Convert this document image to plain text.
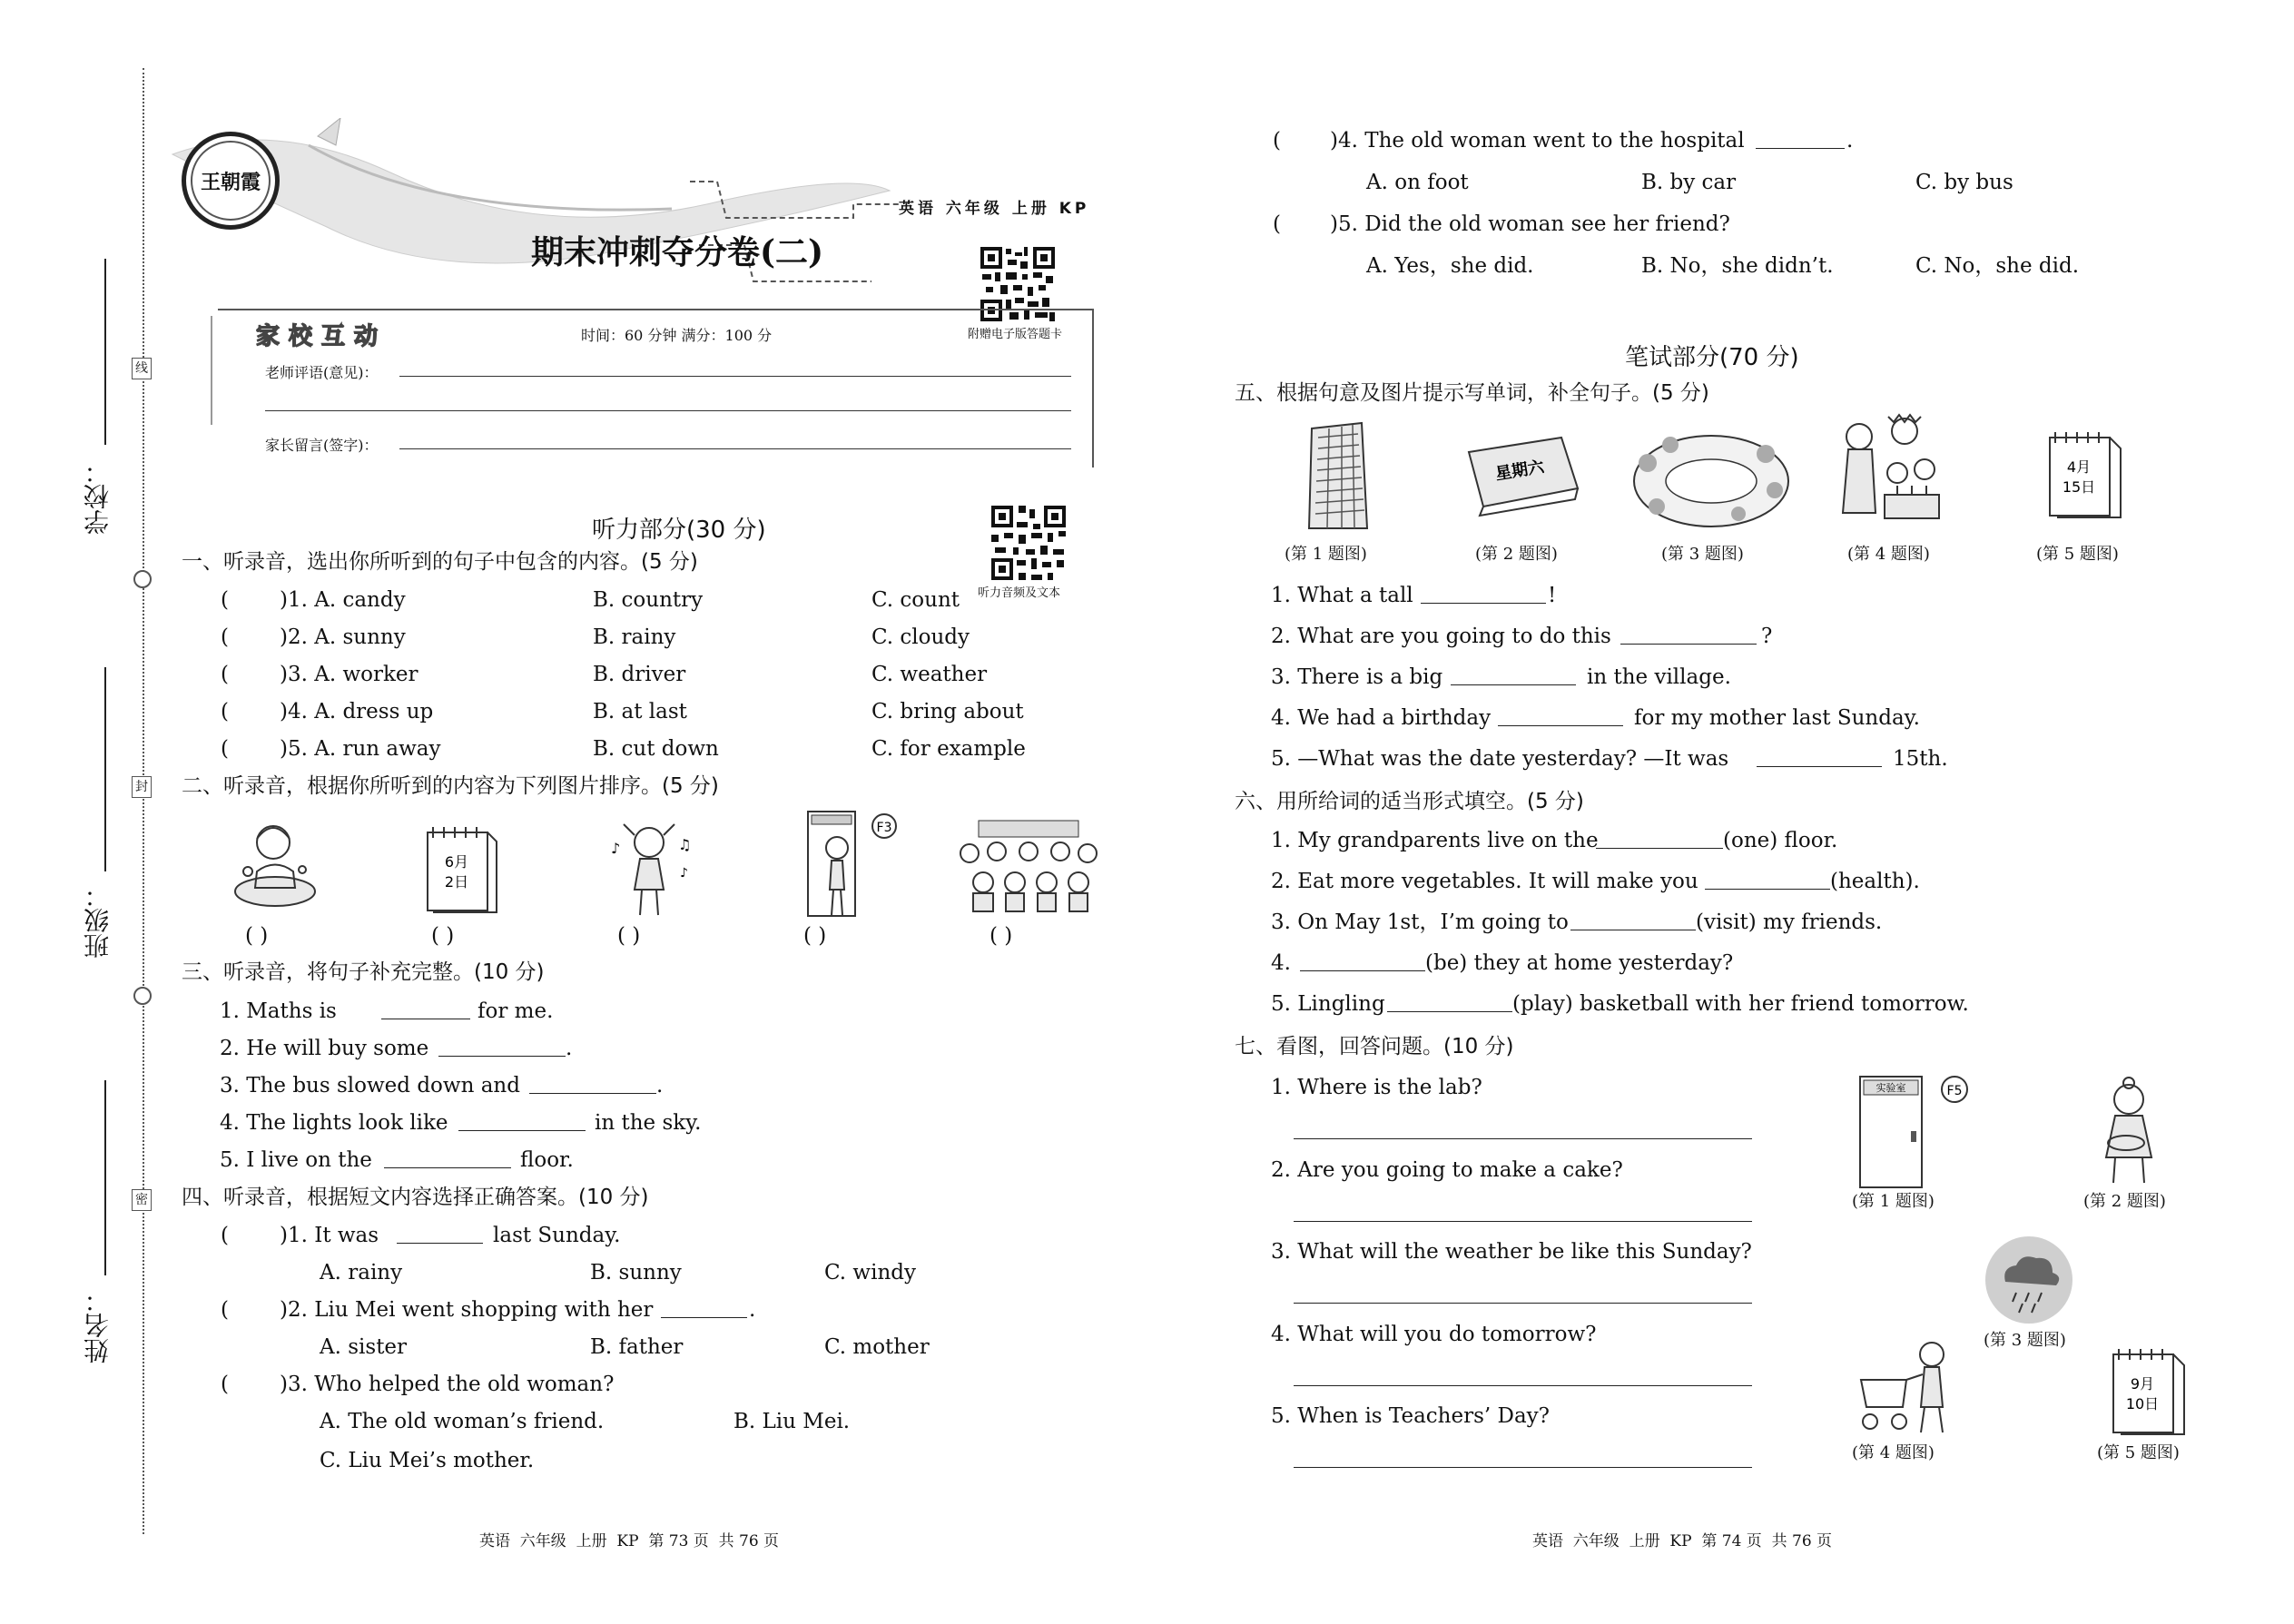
学校：
班级：
姓名：
线
封
密
王朝霞
英语 六年级 上册 KP
期末冲刺夺分卷(二)
附赠电子版答题卡
家校互动	时间：60 分钟 满分：100 分
老师评语(意见)：
家长留言(签字)：
听力部分(30 分)
听力音频及文本
一、听录音，选出你所听到的句子中包含的内容。(5 分)
( )1. A. candy	B. country	C. count
( )2. A. sunny	B. rainy	C. cloudy
( )3. A. worker	B. driver	C. weather
( )4. A. dress up	B. at last	C. bring about
( )5. A. run away	B. cut down	C. for example
二、听录音，根据你所听到的内容为下列图片排序。(5 分)
6月
2日
♪	♫
♪
F3
( )	( )	( )	( )	( )
三、听录音，将句子补充完整。(10 分)
1. Maths is	for me.
2. He will buy some	.
3. The bus slowed down and	.
4. The lights look like	in the sky.
5. I live on the	floor.
四、听录音，根据短文内容选择正确答案。(10 分)
( )1. It was	last Sunday.
A. rainy	B. sunny	C. windy
( )2. Liu Mei went shopping with her	.
A. sister	B. father	C. mother
( )3. Who helped the old woman?
A. The old woman’s friend.	B. Liu Mei.
C. Liu Mei’s mother.
英语  六年级  上册  KP  第 73 页  共 76 页
( )4. The old woman went to the hospital	.
A. on foot	B. by car	C. by bus
( )5. Did the old woman see her friend?
A. Yes，she did.	B. No，she didn’t.	C. No，she did.
笔试部分(70 分)
五、根据句意及图片提示写单词，补全句子。(5 分)
星期六	4月
15日
(第 1 题图)	(第 2 题图)	(第 3 题图)	(第 4 题图)	(第 5 题图)
1. What a tall	!
2. What are you going to do this	?
3. There is a big	in the village.
4. We had a birthday	for my mother last Sunday.
5. —What was the date yesterday? —It was	15th.
六、用所给词的适当形式填空。(5 分)
1. My grandparents live on the	(one) floor.
2. Eat more vegetables. It will make you	(health).
3. On May 1st，I’m going to	(visit) my friends.
4.	(be) they at home yesterday?
5. Lingling	(play) basketball with her friend tomorrow.
七、看图，回答问题。(10 分)
1. Where is the lab?
2. Are you going to make a cake?
3. What will the weather be like this Sunday?
4. What will you do tomorrow?
5. When is Teachers’ Day?
实验室	F5
9月
10日
(第 1 题图)	(第 2 题图)
(第 3 题图)
(第 4 题图)	(第 5 题图)
英语  六年级  上册  KP  第 74 页  共 76 页
